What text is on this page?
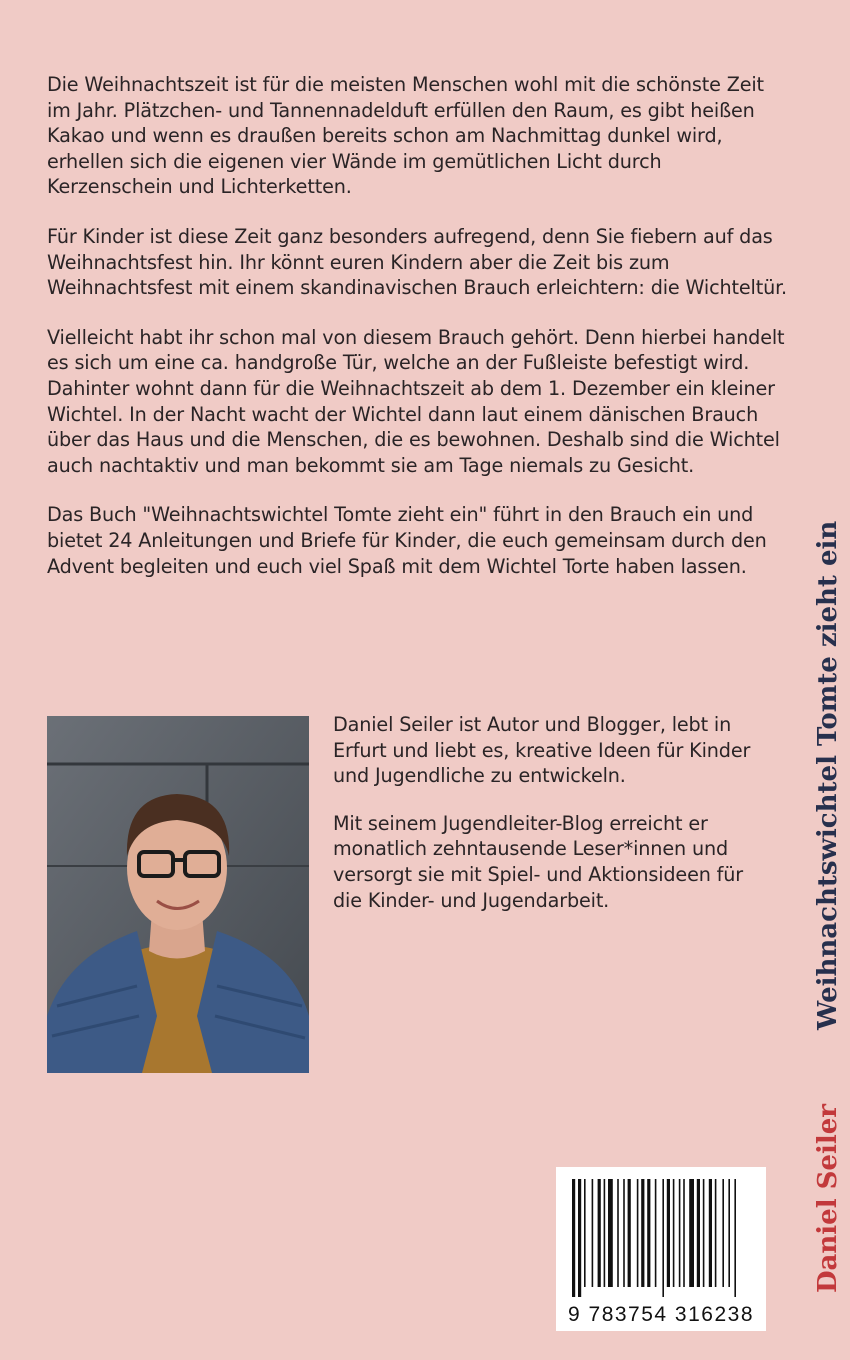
Die Weihnachtszeit ist für die meisten Menschen wohl mit die schönste Zeit im Jahr. Plätzchen- und Tannennadelduft erfüllen den Raum, es gibt heißen Kakao und wenn es draußen bereits schon am Nachmittag dunkel wird, erhellen sich die eigenen vier Wände im gemütlichen Licht durch Kerzenschein und Lichterketten.

Für Kinder ist diese Zeit ganz besonders aufregend, denn Sie fiebern auf das Weihnachtsfest hin. Ihr könnt euren Kindern aber die Zeit bis zum Weihnachtsfest mit einem skandinavischen Brauch erleichtern: die Wichteltür.

Vielleicht habt ihr schon mal von diesem Brauch gehört. Denn hierbei handelt es sich um eine ca. handgroße Tür, welche an der Fußleiste befestigt wird. Dahinter wohnt dann für die Weihnachtszeit ab dem 1. Dezember ein kleiner Wichtel. In der Nacht wacht der Wichtel dann laut einem dänischen Brauch über das Haus und die Menschen, die es bewohnen. Deshalb sind die Wichtel auch nachtaktiv und man bekommt sie am Tage niemals zu Gesicht.

Das Buch "Weihnachtswichtel Tomte zieht ein" führt in den Brauch ein und bietet 24 Anleitungen und Briefe für Kinder, die euch gemeinsam durch den Advent begleiten und euch viel Spaß mit dem Wichtel Torte haben lassen.

Daniel Seiler ist Autor und Blogger, lebt in Erfurt und liebt es, kreative Ideen für Kinder und Jugendliche zu entwickeln.

Mit seinem Jugendleiter-Blog erreicht er monatlich zehntausende Leser*innen und versorgt sie mit Spiel- und Aktionsideen für die Kinder- und Jugendarbeit.	Weihnachtswichtel Tomte zieht ein
Daniel Seiler
9 783754 316238
